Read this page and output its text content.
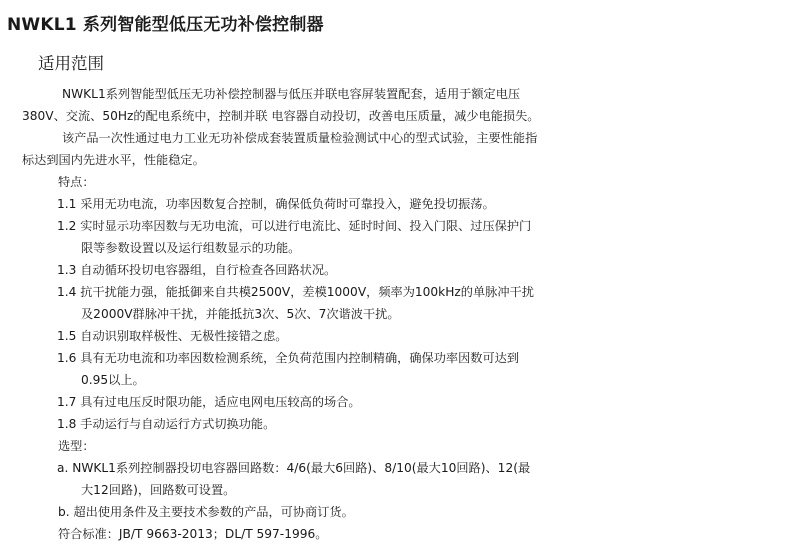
NWKL1 系列智能型低压无功补偿控制器
适用范围

NWKL1系列智能型低压无功补偿控制器与低压并联电容屏装置配套，适用于额定电压380V、交流、50Hz的配电系统中，控制并联 电容器自动投切，改善电压质量，减少电能损失。

该产品一次性通过电力工业无功补偿成套装置质量检验测试中心的型式试验，主要性能指标达到国内先进水平，性能稳定。

特点：

1.1 采用无功电流，功率因数复合控制，确保低负荷时可靠投入，避免投切振荡。

1.2 实时显示功率因数与无功电流，可以进行电流比、延时时间、投入门限、过压保护门限等参数设置以及运行组数显示的功能。

1.3 自动循环投切电容器组，自行检查各回路状况。

1.4 抗干扰能力强，能抵御来自共模2500V，差模1000V，频率为100kHz的单脉冲干扰及2000V群脉冲干扰，并能抵抗3次、5次、7次谐波干扰。

1.5 自动识别取样极性、无极性接错之虑。

1.6 具有无功电流和功率因数检测系统，全负荷范围内控制精确，确保功率因数可达到0.95以上。

1.7 具有过电压反时限功能，适应电网电压较高的场合。

1.8 手动运行与自动运行方式切换功能。

选型：

a. NWKL1系列控制器投切电容器回路数：4/6(最大6回路)、8/10(最大10回路)、12(最大12回路)，回路数可设置。

b. 超出使用条件及主要技术参数的产品，可协商订货。

符合标准：JB/T 9663-2013；DL/T 597-1996。
